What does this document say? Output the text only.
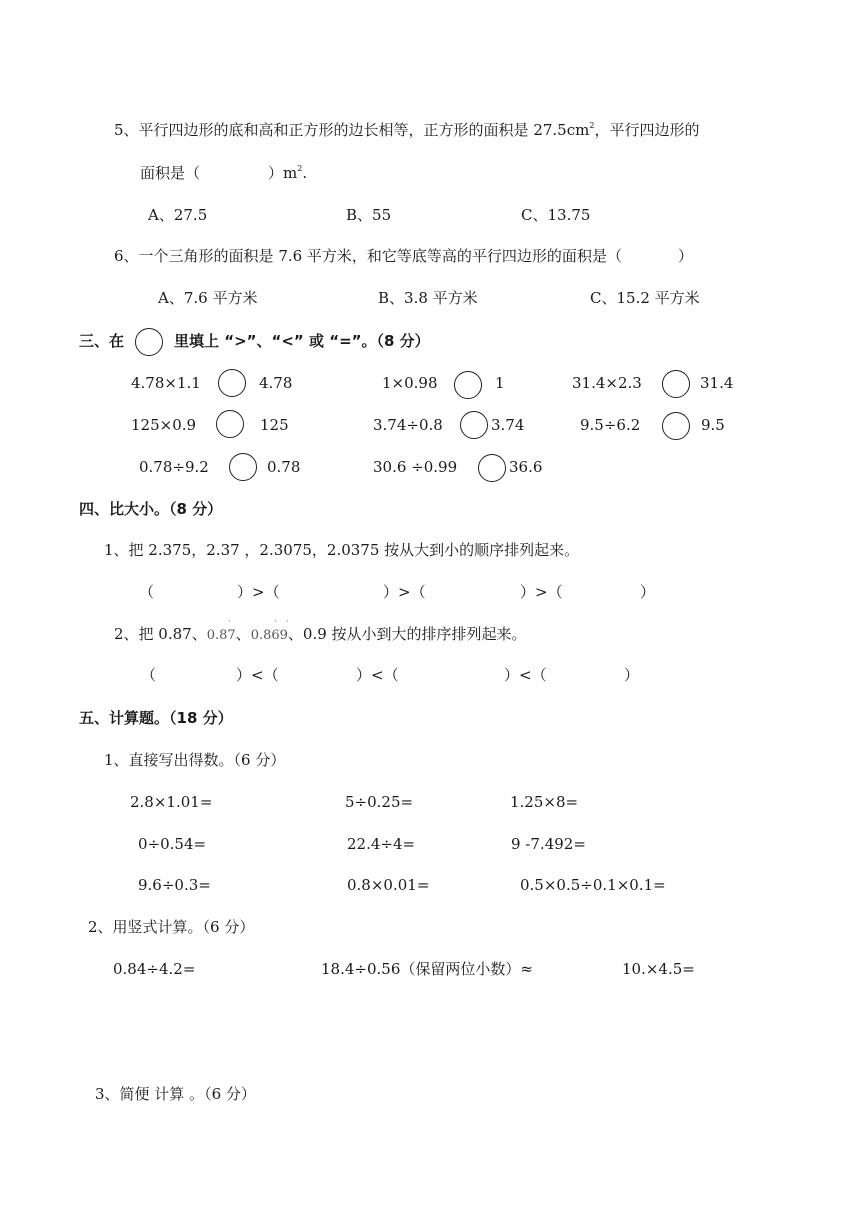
5、平行四边形的底和高和正方形的边长相等，正方形的面积是 $27.5cm^2$，平行四边形的
面积是（	）$m^2$.
A、27.5	B、55	C、13.75
6、一个三角形的面积是 7.6 平方米，和它等底等高的平行四边形的面积是（	）
A、7.6 平方米	B、3.8 平方米	C、15.2 平方米
三、在	里填上 “>”、“<” 或 “=”。（8 分）
4.78×1.1	4.78	1×0.98	1	31.4×2.3	31.4
125×0.9	125	3.74÷0.8	3.74	9.5÷6.2	9.5
0.78÷9.2	0.78	30.6 ÷0.99	36.6
四、比大小。（8 分）
1、把 2.375，2.37 ，2.3075，2.0375 按从大到小的顺序排列起来。
（	）>（	）>（	）>（	）
2、把 0.87、0.87
˙ 、0.869
˙ ˙
、0.9 按从小到大的排序排列起来。
（	）<（	）<（	）<（	）
五、计算题。（18 分）
1、直接写出得数。（6 分）
2.8×1.01=	5÷0.25=	1.25×8=
0÷0.54=	22.4÷4=	9 -7.492=
9.6÷0.3=	0.8×0.01=	0.5×0.5÷0.1×0.1=
2、用竖式计算。（6 分）
0.84÷4.2=	18.4÷0.56（保留两位小数）≈	10.×4.5=
3、简便 计算 。（6 分）
